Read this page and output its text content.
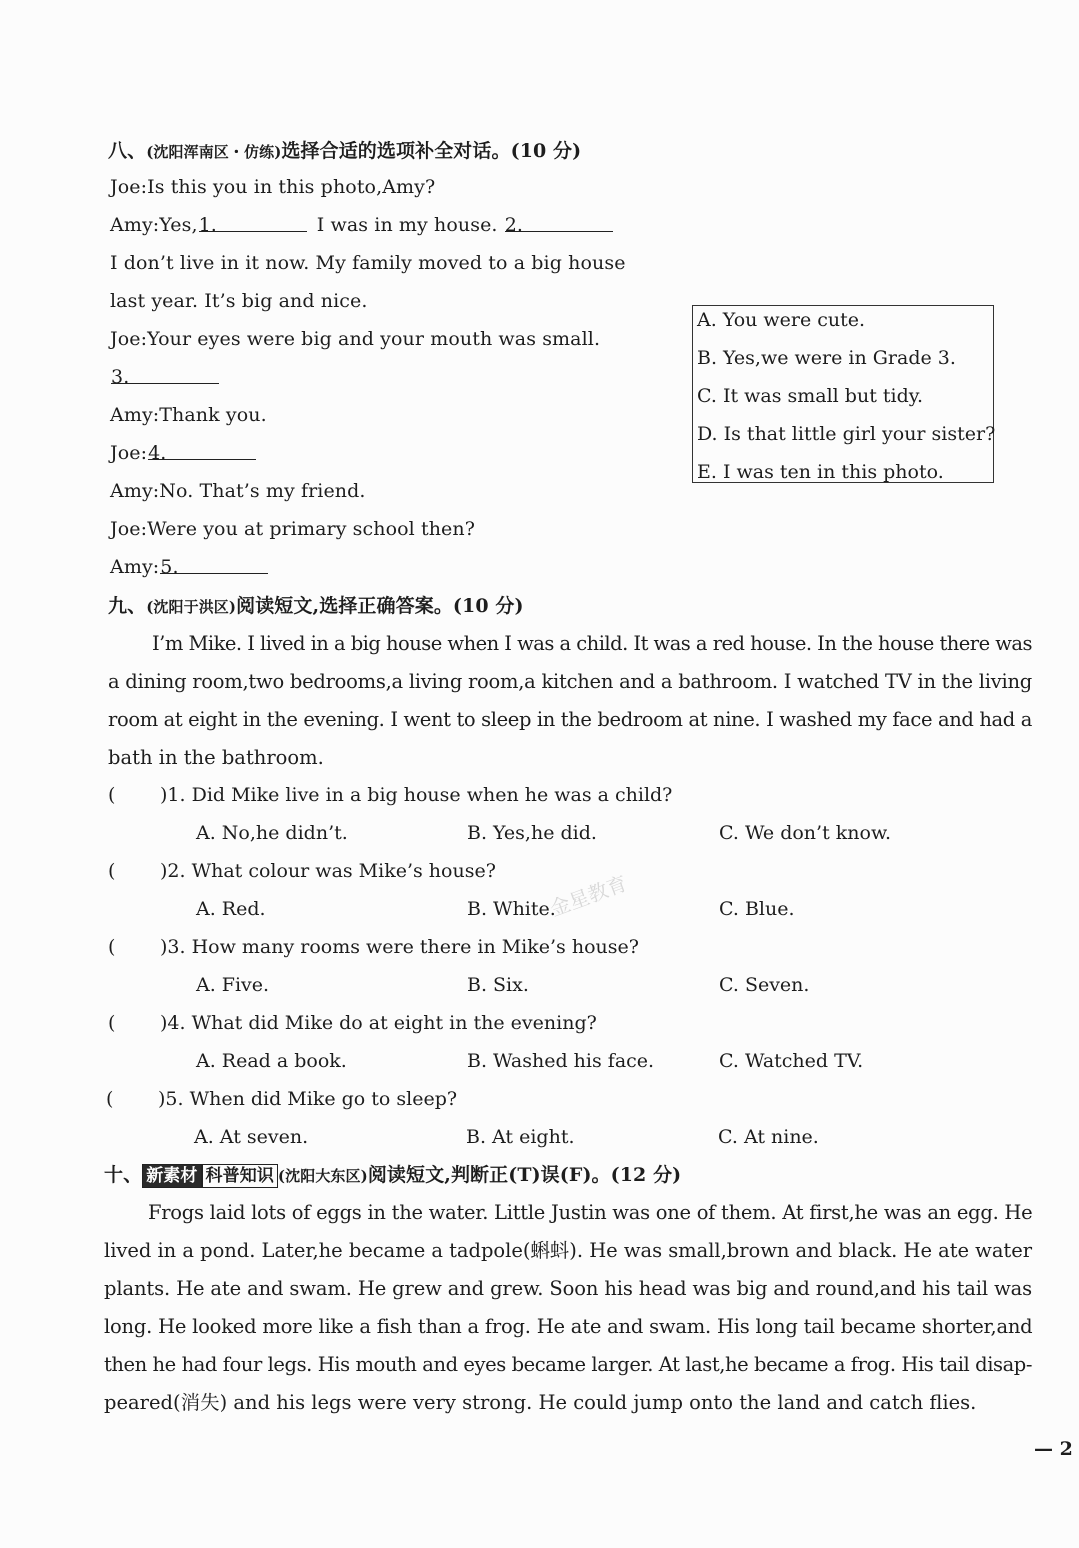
八、(沈阳浑南区・仿练)选择合适的选项补全对话。(10 分)
Joe:Is this you in this photo,Amy?
Amy:Yes,1.	I was in my house. 2.
I don’t live in it now. My family moved to a big house
last year. It’s big and nice.
Joe:Your eyes were big and your mouth was small.
3.
Amy:Thank you.
Joe:4.
Amy:No. That’s my friend.
Joe:Were you at primary school then?
Amy:5.
A. You were cute.
B. Yes,we were in Grade 3.
C. It was small but tidy.
D. Is that little girl your sister?
E. I was ten in this photo.
九、(沈阳于洪区)阅读短文,选择正确答案。(10 分)
I’m Mike. I lived in a big house when I was a child. It was a red house. In the house there was
a dining room,two bedrooms,a living room,a kitchen and a bathroom. I watched TV in the living
room at eight in the evening. I went to sleep in the bedroom at nine. I washed my face and had a
bath in the bathroom.
( )1. Did Mike live in a big house when he was a child?
A. No,he didn’t.	B. Yes,he did.	C. We don’t know.
( )2. What colour was Mike’s house?
A. Red.	B. White.	C. Blue.
( )3. How many rooms were there in Mike’s house?
A. Five.	B. Six.	C. Seven.
( )4. What did Mike do at eight in the evening?
A. Read a book.	B. Washed his face.	C. Watched TV.
( )5. When did Mike go to sleep?
A. At seven.	B. At eight.	C. At nine.
金星教育
十、 新素材 科普知识 (沈阳大东区)阅读短文,判断正(T)误(F)。(12 分)
Frogs laid lots of eggs in the water. Little Justin was one of them. At first,he was an egg. He
lived in a pond. Later,he became a tadpole(蝌蚪). He was small,brown and black. He ate water
plants. He ate and swam. He grew and grew. Soon his head was big and round,and his tail was
long. He looked more like a fish than a frog. He ate and swam. His long tail became shorter,and
then he had four legs. His mouth and eyes became larger. At last,he became a frog. His tail disap-
peared(消失) and his legs were very strong. He could jump onto the land and catch flies.
— 2
